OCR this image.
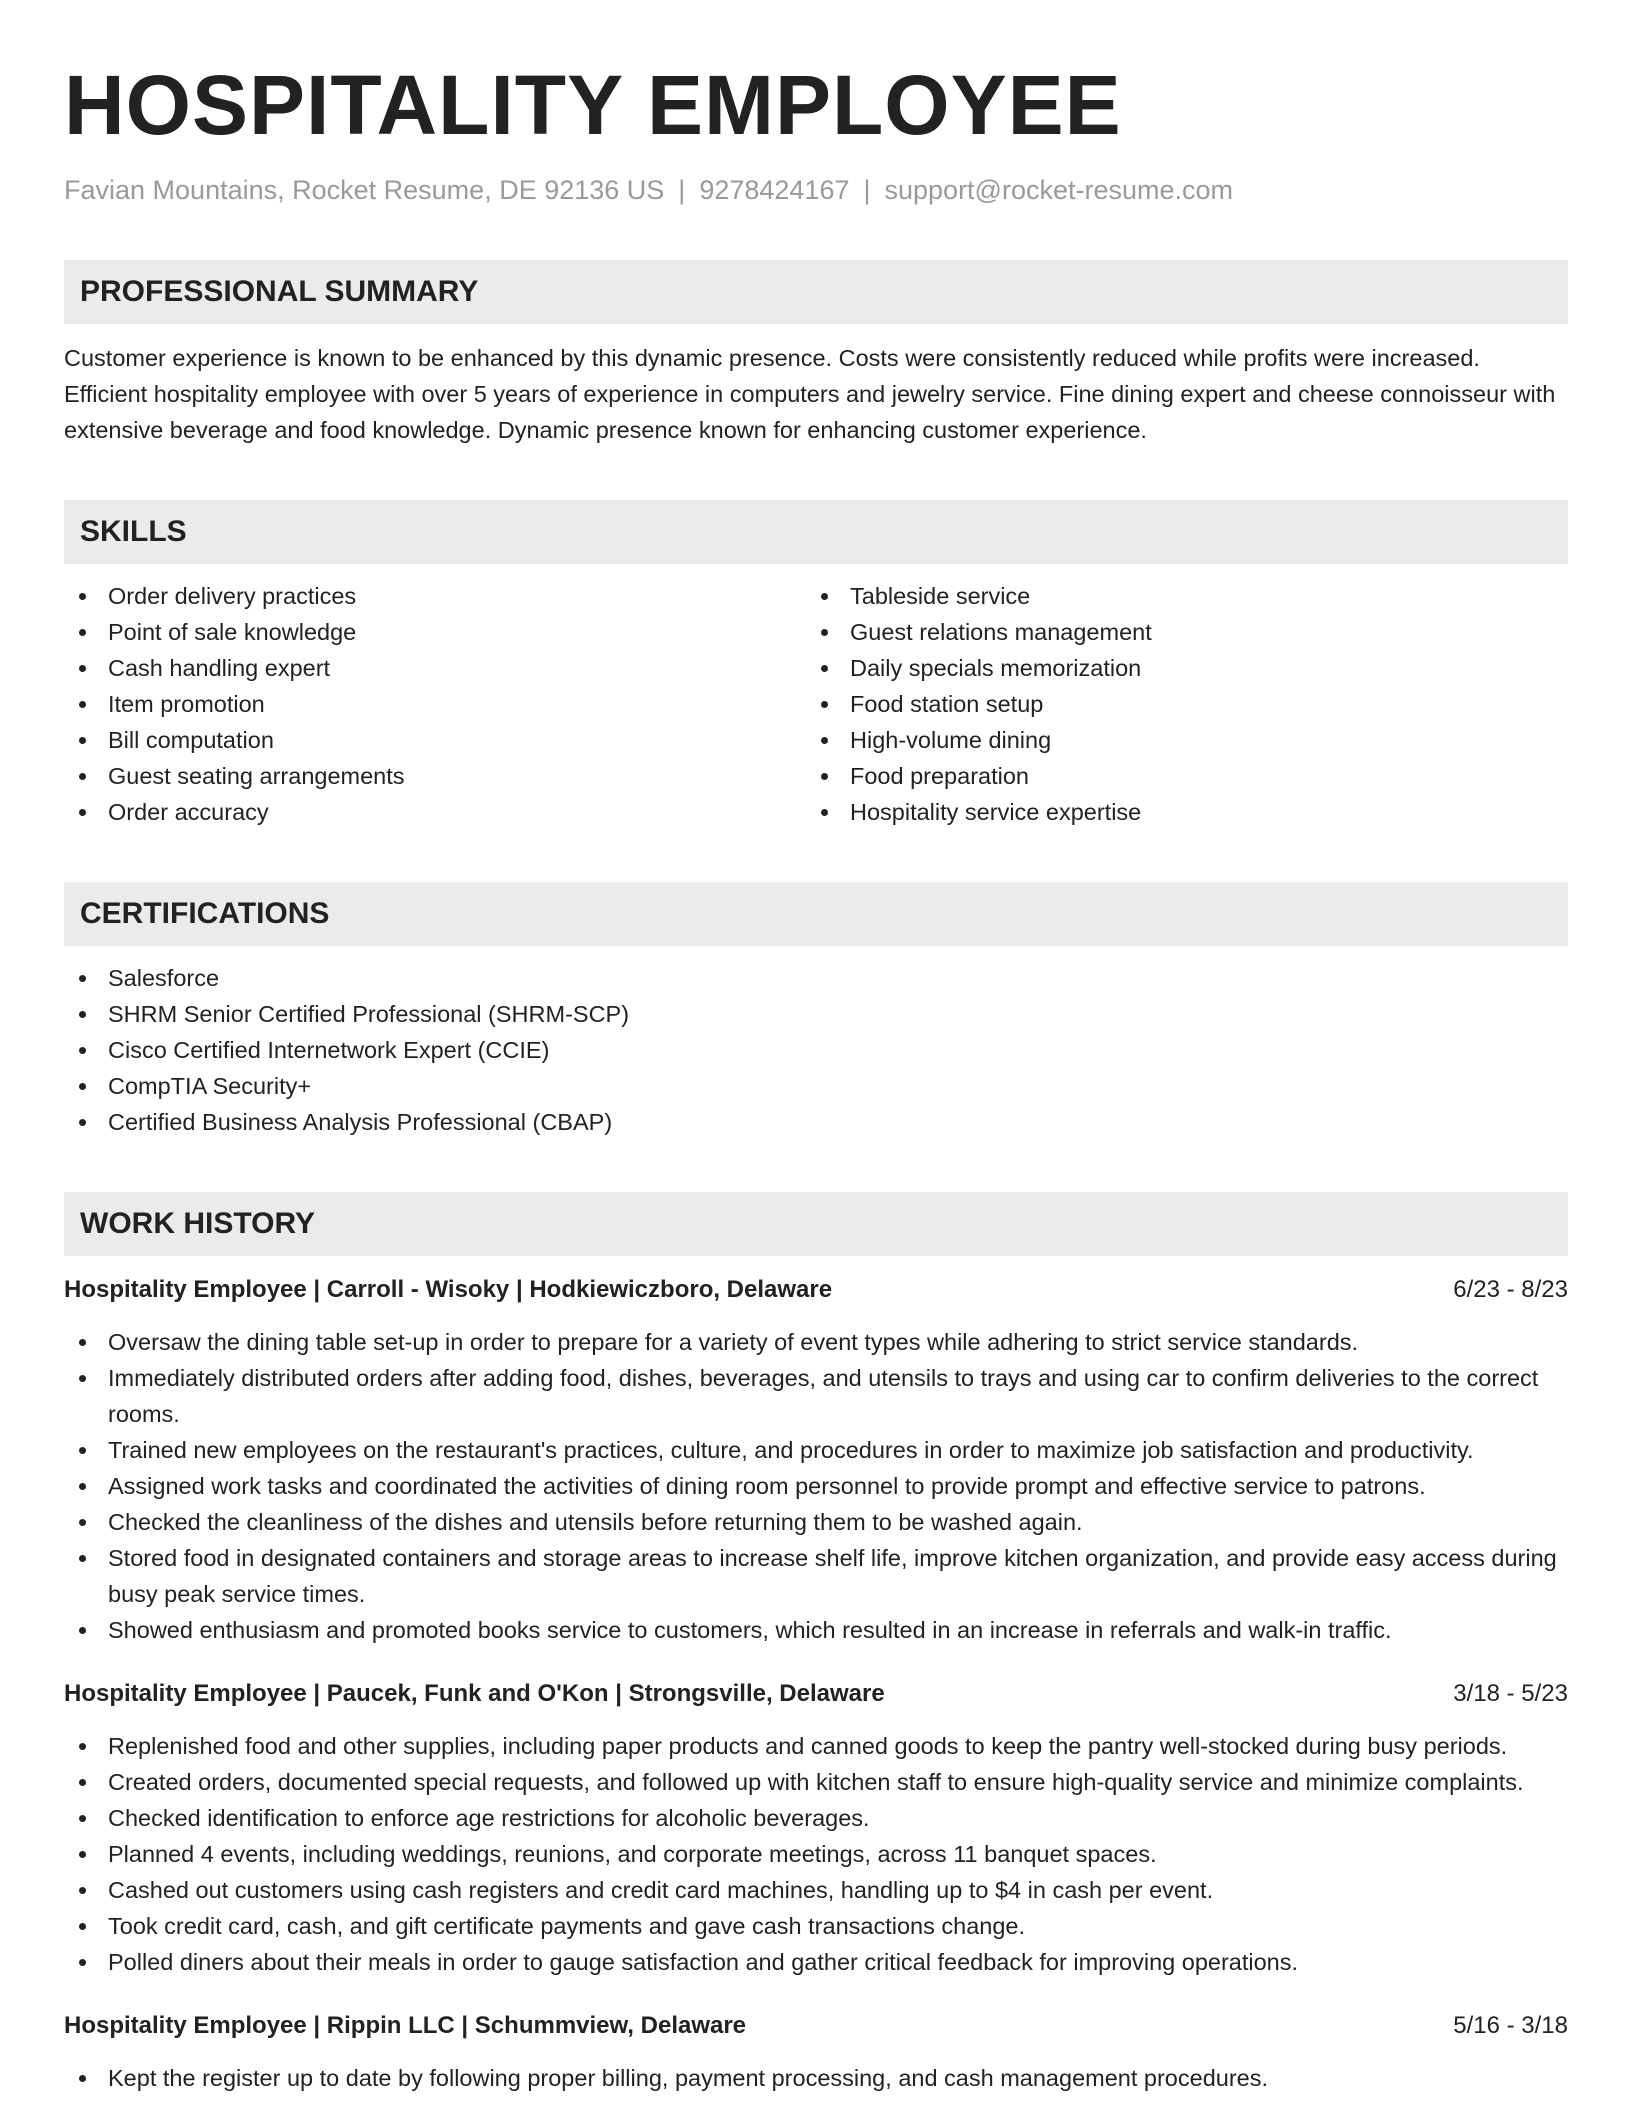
HOSPITALITY EMPLOYEE
Favian Mountains, Rocket Resume, DE 92136 US | 9278424167 | support@rocket-resume.com
PROFESSIONAL SUMMARY
Customer experience is known to be enhanced by this dynamic presence. Costs were consistently reduced while profits were increased. Efficient hospitality employee with over 5 years of experience in computers and jewelry service. Fine dining expert and cheese connoisseur with extensive beverage and food knowledge. Dynamic presence known for enhancing customer experience.
SKILLS
Order delivery practices
Point of sale knowledge
Cash handling expert
Item promotion
Bill computation
Guest seating arrangements
Order accuracy
Tableside service
Guest relations management
Daily specials memorization
Food station setup
High-volume dining
Food preparation
Hospitality service expertise
CERTIFICATIONS
Salesforce
SHRM Senior Certified Professional (SHRM-SCP)
Cisco Certified Internetwork Expert (CCIE)
CompTIA Security+
Certified Business Analysis Professional (CBAP)
WORK HISTORY
Hospitality Employee | Carroll - Wisoky | Hodkiewiczboro, Delaware	6/23 - 8/23
Oversaw the dining table set-up in order to prepare for a variety of event types while adhering to strict service standards.
Immediately distributed orders after adding food, dishes, beverages, and utensils to trays and using car to confirm deliveries to the correct rooms.
Trained new employees on the restaurant's practices, culture, and procedures in order to maximize job satisfaction and productivity.
Assigned work tasks and coordinated the activities of dining room personnel to provide prompt and effective service to patrons.
Checked the cleanliness of the dishes and utensils before returning them to be washed again.
Stored food in designated containers and storage areas to increase shelf life, improve kitchen organization, and provide easy access during busy peak service times.
Showed enthusiasm and promoted books service to customers, which resulted in an increase in referrals and walk-in traffic.
Hospitality Employee | Paucek, Funk and O'Kon | Strongsville, Delaware	3/18 - 5/23
Replenished food and other supplies, including paper products and canned goods to keep the pantry well-stocked during busy periods.
Created orders, documented special requests, and followed up with kitchen staff to ensure high-quality service and minimize complaints.
Checked identification to enforce age restrictions for alcoholic beverages.
Planned 4 events, including weddings, reunions, and corporate meetings, across 11 banquet spaces.
Cashed out customers using cash registers and credit card machines, handling up to $4 in cash per event.
Took credit card, cash, and gift certificate payments and gave cash transactions change.
Polled diners about their meals in order to gauge satisfaction and gather critical feedback for improving operations.
Hospitality Employee | Rippin LLC | Schummview, Delaware	5/16 - 3/18
Kept the register up to date by following proper billing, payment processing, and cash management procedures.
